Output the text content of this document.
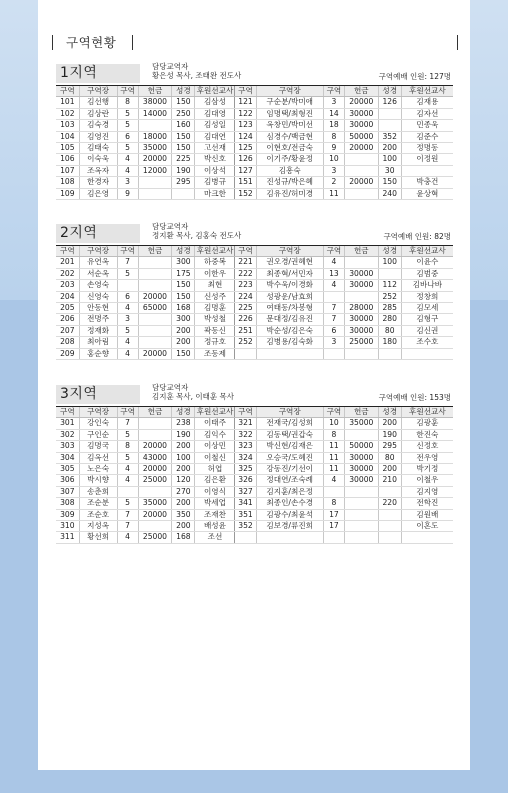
구역현황
1지역	담당교역자
황은성 목사, 조태완 전도사	구역예배 인원: 127명
구역	구역장	구역	헌금	성경	후원선교사	구역	구역장	구역	헌금	성경	후원선교사
101	김선행	8	38000	150	김삼성	121	구순분/박미애	3	20000	126	김재용
102	김상란	5	14000	250	김대영	122	임명택/최형진	14	30000		김자선
103	김숙경	5		160	김성일	123	옥창민/박미선	18	30000		민종욱
104	김영진	6	18000	150	김대연	124	심경수/백금현	8	50000	352	김준수
105	김태숙	5	35000	150	고선재	125	이현호/전금숙	9	20000	200	정명동
106	이숙욱	4	20000	225	박신호	126	이기주/황윤정	10		100	이정원
107	조옥자	4	12000	190	이상석	127	김흥숙	3		30	
108	한경자	3		295	김병규	151	진성규/박은혜	2	20000	150	박충건
109	김은영	9			마크한	152	김유진/허미경	11		240	윤상혁
2지역	담당교역자
정지환 목사, 김홍숙 전도사	구역예배 인원: 82명
구역	구역장	구역	헌금	성경	후원선교사	구역	구역장	구역	헌금	성경	후원선교사
201	유연옥	7		300	하중복	221	권오경/권혜현	4		100	이윤수
202	서순옥	5		175	이한우	222	최종혁/서민자	13	30000		김범중
203	손영숙			150	최현	223	박수욱/이경화	4	30000	112	김바나바
204	신영숙	6	20000	150	신성주	224	성광운/남효희			252	정창희
205	안동현	4	65000	168	김명훈	225	여태동/차봉형	7	28000	285	김모세
206	전명주	3		300	박성철	226	문대정/김유진	7	30000	280	김형구
207	정재화	5		200	곽동신	251	박순성/김은숙	6	30000	80	김신권
208	최아림	4		200	정규호	252	김병용/김숙화	3	25000	180	조수호
209	홍순향	4	20000	150	조동제						
3지역	담당교역자
김지훈 목사, 이태훈 목사	구역예배 인원: 153명
구역	구역장	구역	헌금	성경	후원선교사	구역	구역장	구역	헌금	성경	후원선교사
301	강인숙	7		238	이태주	321	전재국/김성희	10	35000	200	김광훈
302	구인순	5		190	김익수	322	김동택/권갑숙	8		190	한진숙
303	김명국	8	20000	200	이상민	323	박신현/김재은	11	50000	295	신정호
304	김옥선	5	43000	100	이철신	324	오승국/도혜진	11	30000	80	전우영
305	노은숙	4	20000	200	허엽	325	강동진/기선이	11	30000	200	박기정
306	박시향	4	25000	120	김은환	326	정대연/조숙례	4	30000	210	이철우
307	송춘희			270	이영식	327	김지훈/최은정				김지영
308	조순분	5	35000	200	박세업	341	최종인/손수경	8		220	전학진
309	조순호	7	20000	350	조재찬	351	김광수/최윤석	17			김원배
310	지성옥	7		200	배성윤	352	김보경/류진희	17			이혼도
311	황선희	4	25000	168	조선						
